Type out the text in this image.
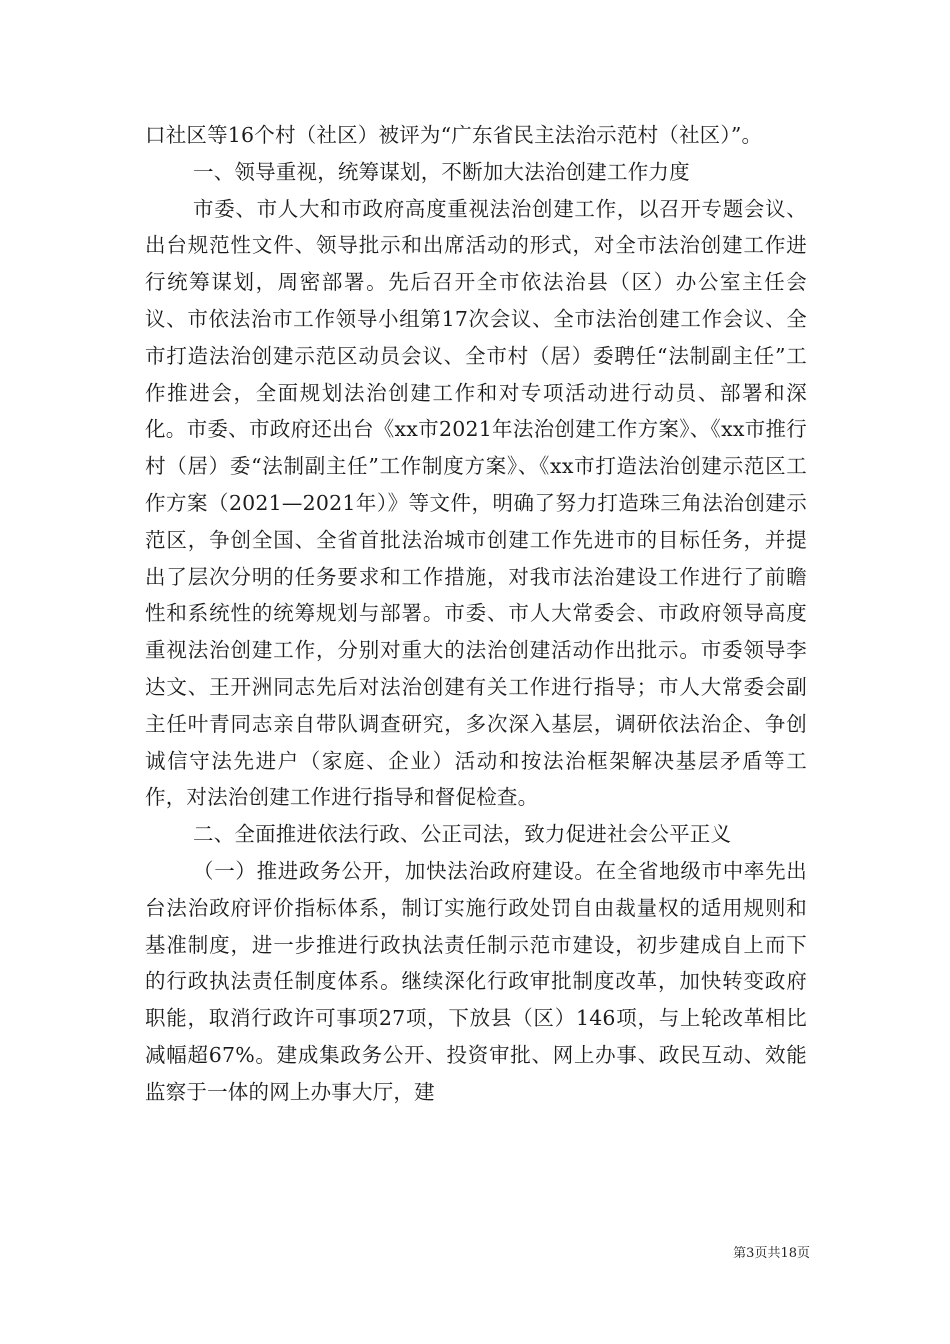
口社区等16个村（社区）被评为“广东省民主法治示范村（社区）”。

一、领导重视，统筹谋划，不断加大法治创建工作力度

市委、市人大和市政府高度重视法治创建工作，以召开专题会议、出台规范性文件、领导批示和出席活动的形式，对全市法治创建工作进行统筹谋划，周密部署。先后召开全市依法治县（区）办公室主任会议、市依法治市工作领导小组第17次会议、全市法治创建工作会议、全市打造法治创建示范区动员会议、全市村（居）委聘任“法制副主任”工作推进会，全面规划法治创建工作和对专项活动进行动员、部署和深化。市委、市政府还出台《xx市2021年法治创建工作方案》、《xx市推行村（居）委“法制副主任”工作制度方案》、《xx市打造法治创建示范区工作方案（2021—2021年）》等文件，明确了努力打造珠三角法治创建示范区，争创全国、全省首批法治城市创建工作先进市的目标任务，并提出了层次分明的任务要求和工作措施，对我市法治建设工作进行了前瞻性和系统性的统筹规划与部署。市委、市人大常委会、市政府领导高度重视法治创建工作，分别对重大的法治创建活动作出批示。市委领导李达文、王开洲同志先后对法治创建有关工作进行指导；市人大常委会副主任叶青同志亲自带队调查研究，多次深入基层，调研依法治企、争创诚信守法先进户（家庭、企业）活动和按法治框架解决基层矛盾等工作，对法治创建工作进行指导和督促检查。

二、全面推进依法行政、公正司法，致力促进社会公平正义

（一）推进政务公开，加快法治政府建设。在全省地级市中率先出台法治政府评价指标体系，制订实施行政处罚自由裁量权的适用规则和基准制度，进一步推进行政执法责任制示范市建设，初步建成自上而下的行政执法责任制度体系。继续深化行政审批制度改革，加快转变政府职能，取消行政许可事项27项，下放县（区）146项，与上轮改革相比减幅超67%。建成集政务公开、投资审批、网上办事、政民互动、效能监察于一体的网上办事大厅，建

第3页共18页
